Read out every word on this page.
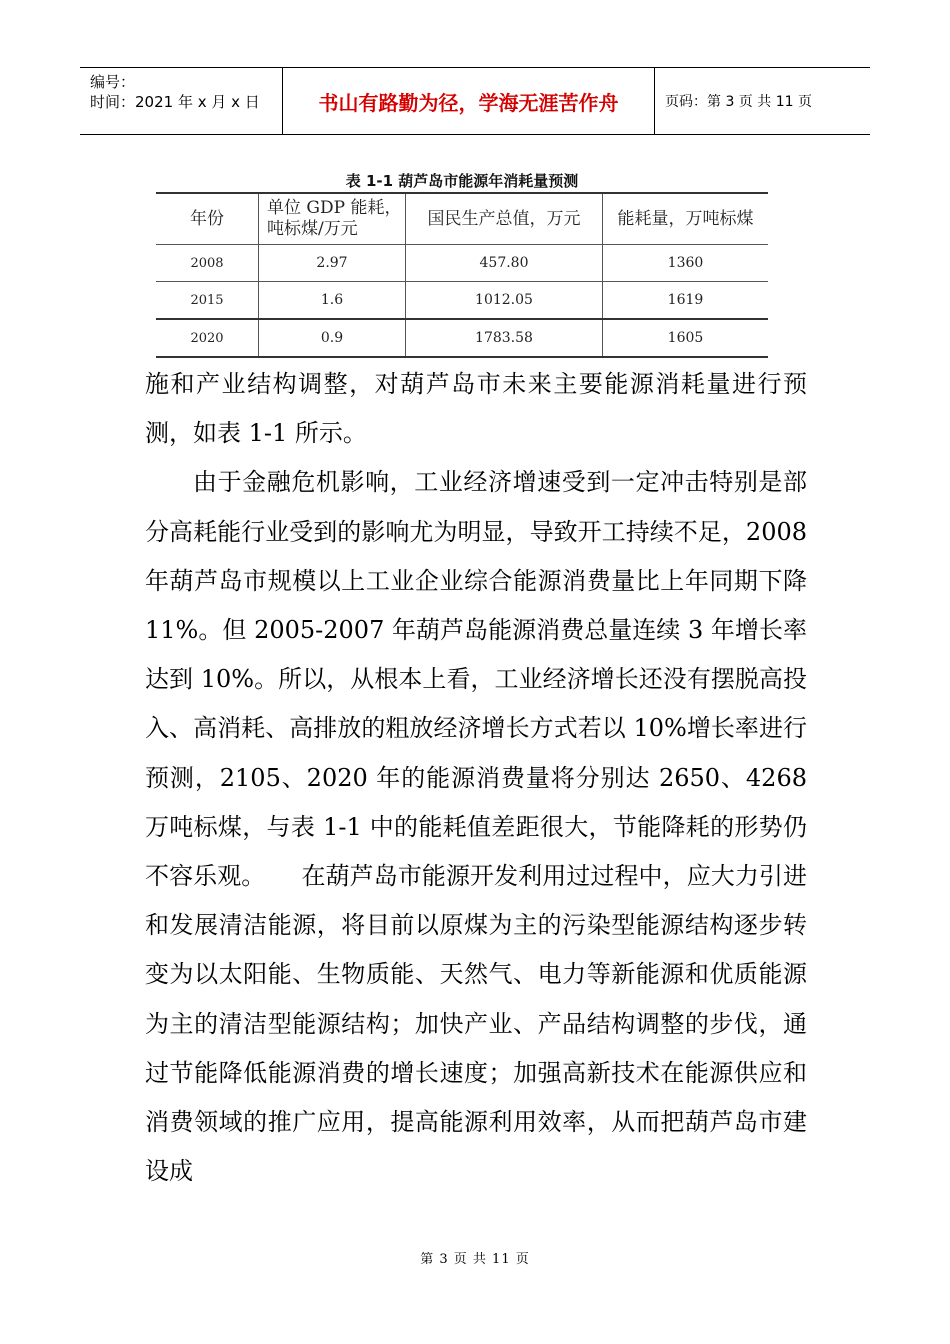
编号：
时间：2021 年 x 月 x 日	书山有路勤为径，学海无涯苦作舟	页码：第 3 页 共 11 页
表 1-1 葫芦岛市能源年消耗量预测
年份	单位 GDP 能耗，吨标煤/万元	国民生产总值，万元	能耗量，万吨标煤
2008	2.97	457.80	1360
2015	1.6	1012.05	1619
2020	0.9	1783.58	1605

施和产业结构调整，对葫芦岛市未来主要能源消耗量进行预测，如表 1-1 所示。

由于金融危机影响，工业经济增速受到一定冲击特别是部分高耗能行业受到的影响尤为明显，导致开工持续不足，2008 年葫芦岛市规模以上工业企业综合能源消费量比上年同期下降 11%。但 2005-2007 年葫芦岛能源消费总量连续 3 年增长率达到 10%。所以，从根本上看，工业经济增长还没有摆脱高投入、高消耗、高排放的粗放经济增长方式若以 10%增长率进行预测，2105、2020 年的能源消费量将分别达 2650、4268 万吨标煤，与表 1-1 中的能耗值差距很大，节能降耗的形势仍不容乐观。　　在葫芦岛市能源开发利用过过程中，应大力引进和发展清洁能源，将目前以原煤为主的污染型能源结构逐步转变为以太阳能、生物质能、天然气、电力等新能源和优质能源为主的清洁型能源结构；加快产业、产品结构调整的步伐，通过节能降低能源消费的增长速度；加强高新技术在能源供应和消费领域的推广应用，提高能源利用效率，从而把葫芦岛市建设成

第 3 页 共 11 页
